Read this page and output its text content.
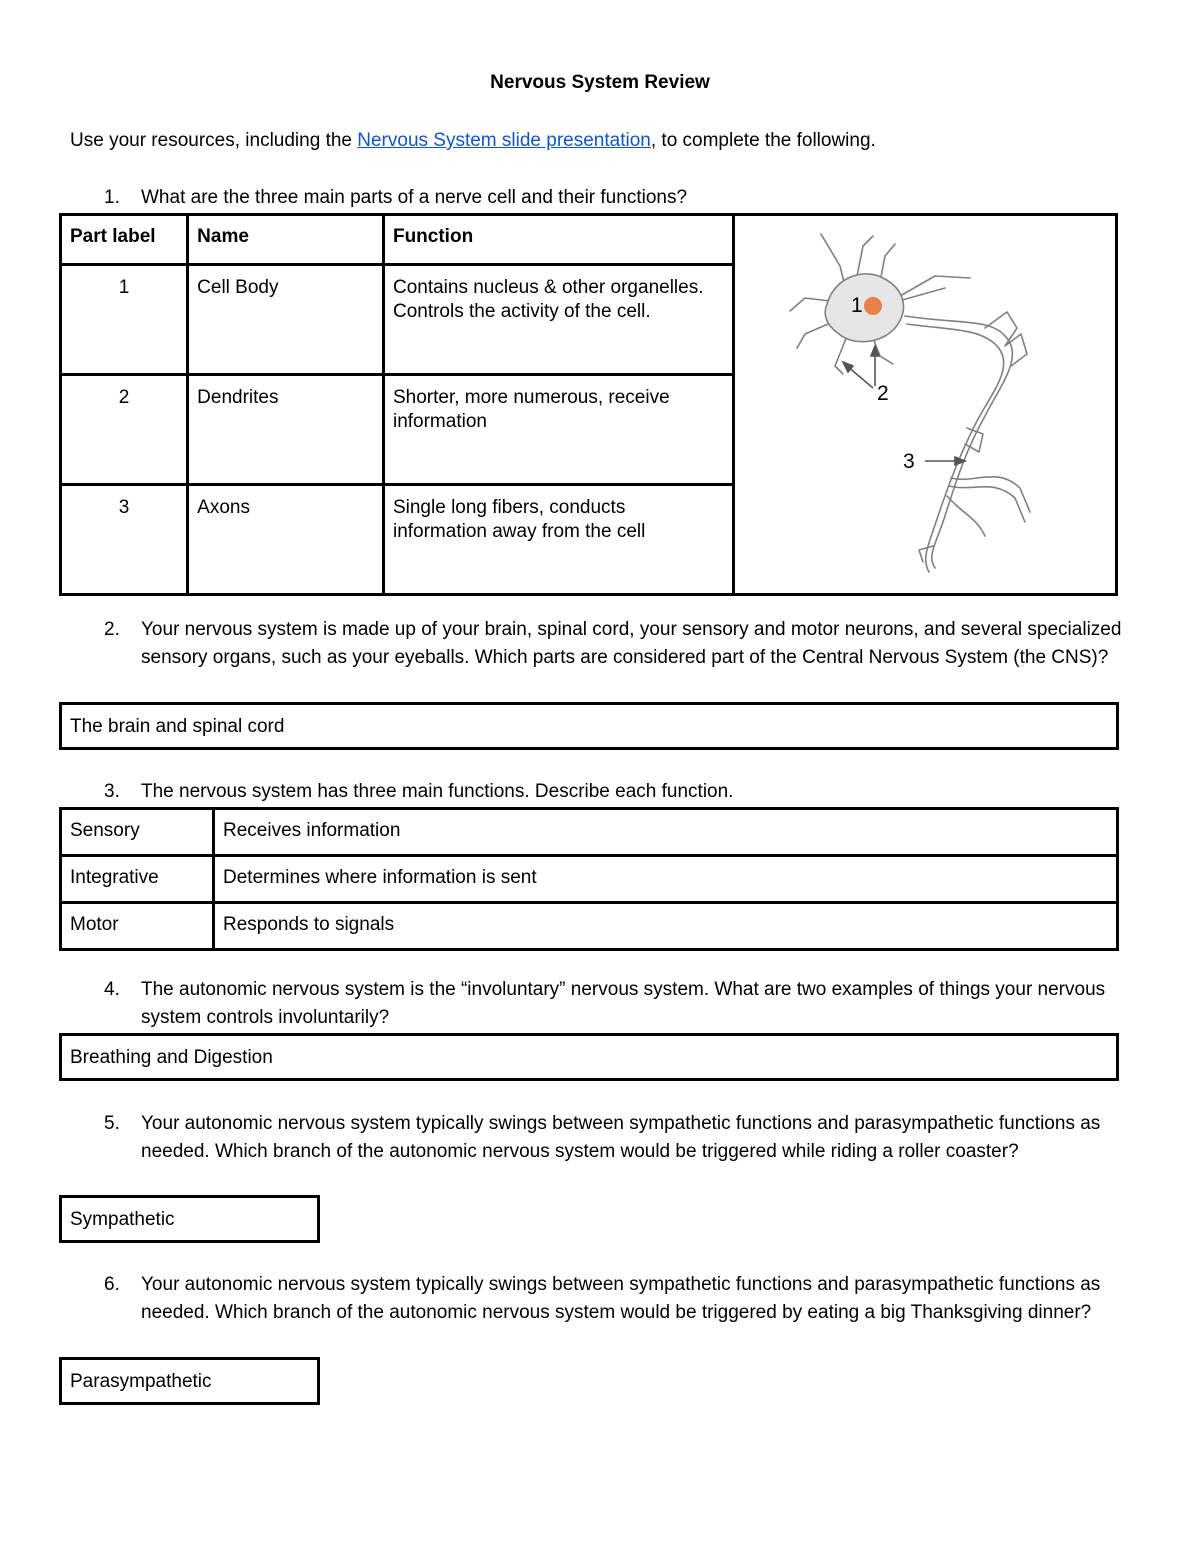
Nervous System Review
Use your resources, including the Nervous System slide presentation, to complete the following.
1. What are the three main parts of a nerve cell and their functions?
Part label	Name	Function	1
2
3

1	Cell Body	Contains nucleus & other organelles. Controls the activity of the cell.	
2	Dendrites	Shorter, more numerous, receive information	
3	Axons	Single long fibers, conducts information away from the cell	
2. Your nervous system is made up of your brain, spinal cord, your sensory and motor neurons, and several specialized sensory organs, such as your eyeballs. Which parts are considered part of the Central Nervous System (the CNS)?
The brain and spinal cord
3. The nervous system has three main functions. Describe each function.
Sensory	Receives information
Integrative	Determines where information is sent
Motor	Responds to signals
4. The autonomic nervous system is the “involuntary” nervous system. What are two examples of things your nervous system controls involuntarily?
Breathing and Digestion
5. Your autonomic nervous system typically swings between sympathetic functions and parasympathetic functions as needed. Which branch of the autonomic nervous system would be triggered while riding a roller coaster?
Sympathetic
6. Your autonomic nervous system typically swings between sympathetic functions and parasympathetic functions as needed. Which branch of the autonomic nervous system would be triggered by eating a big Thanksgiving dinner?
Parasympathetic
